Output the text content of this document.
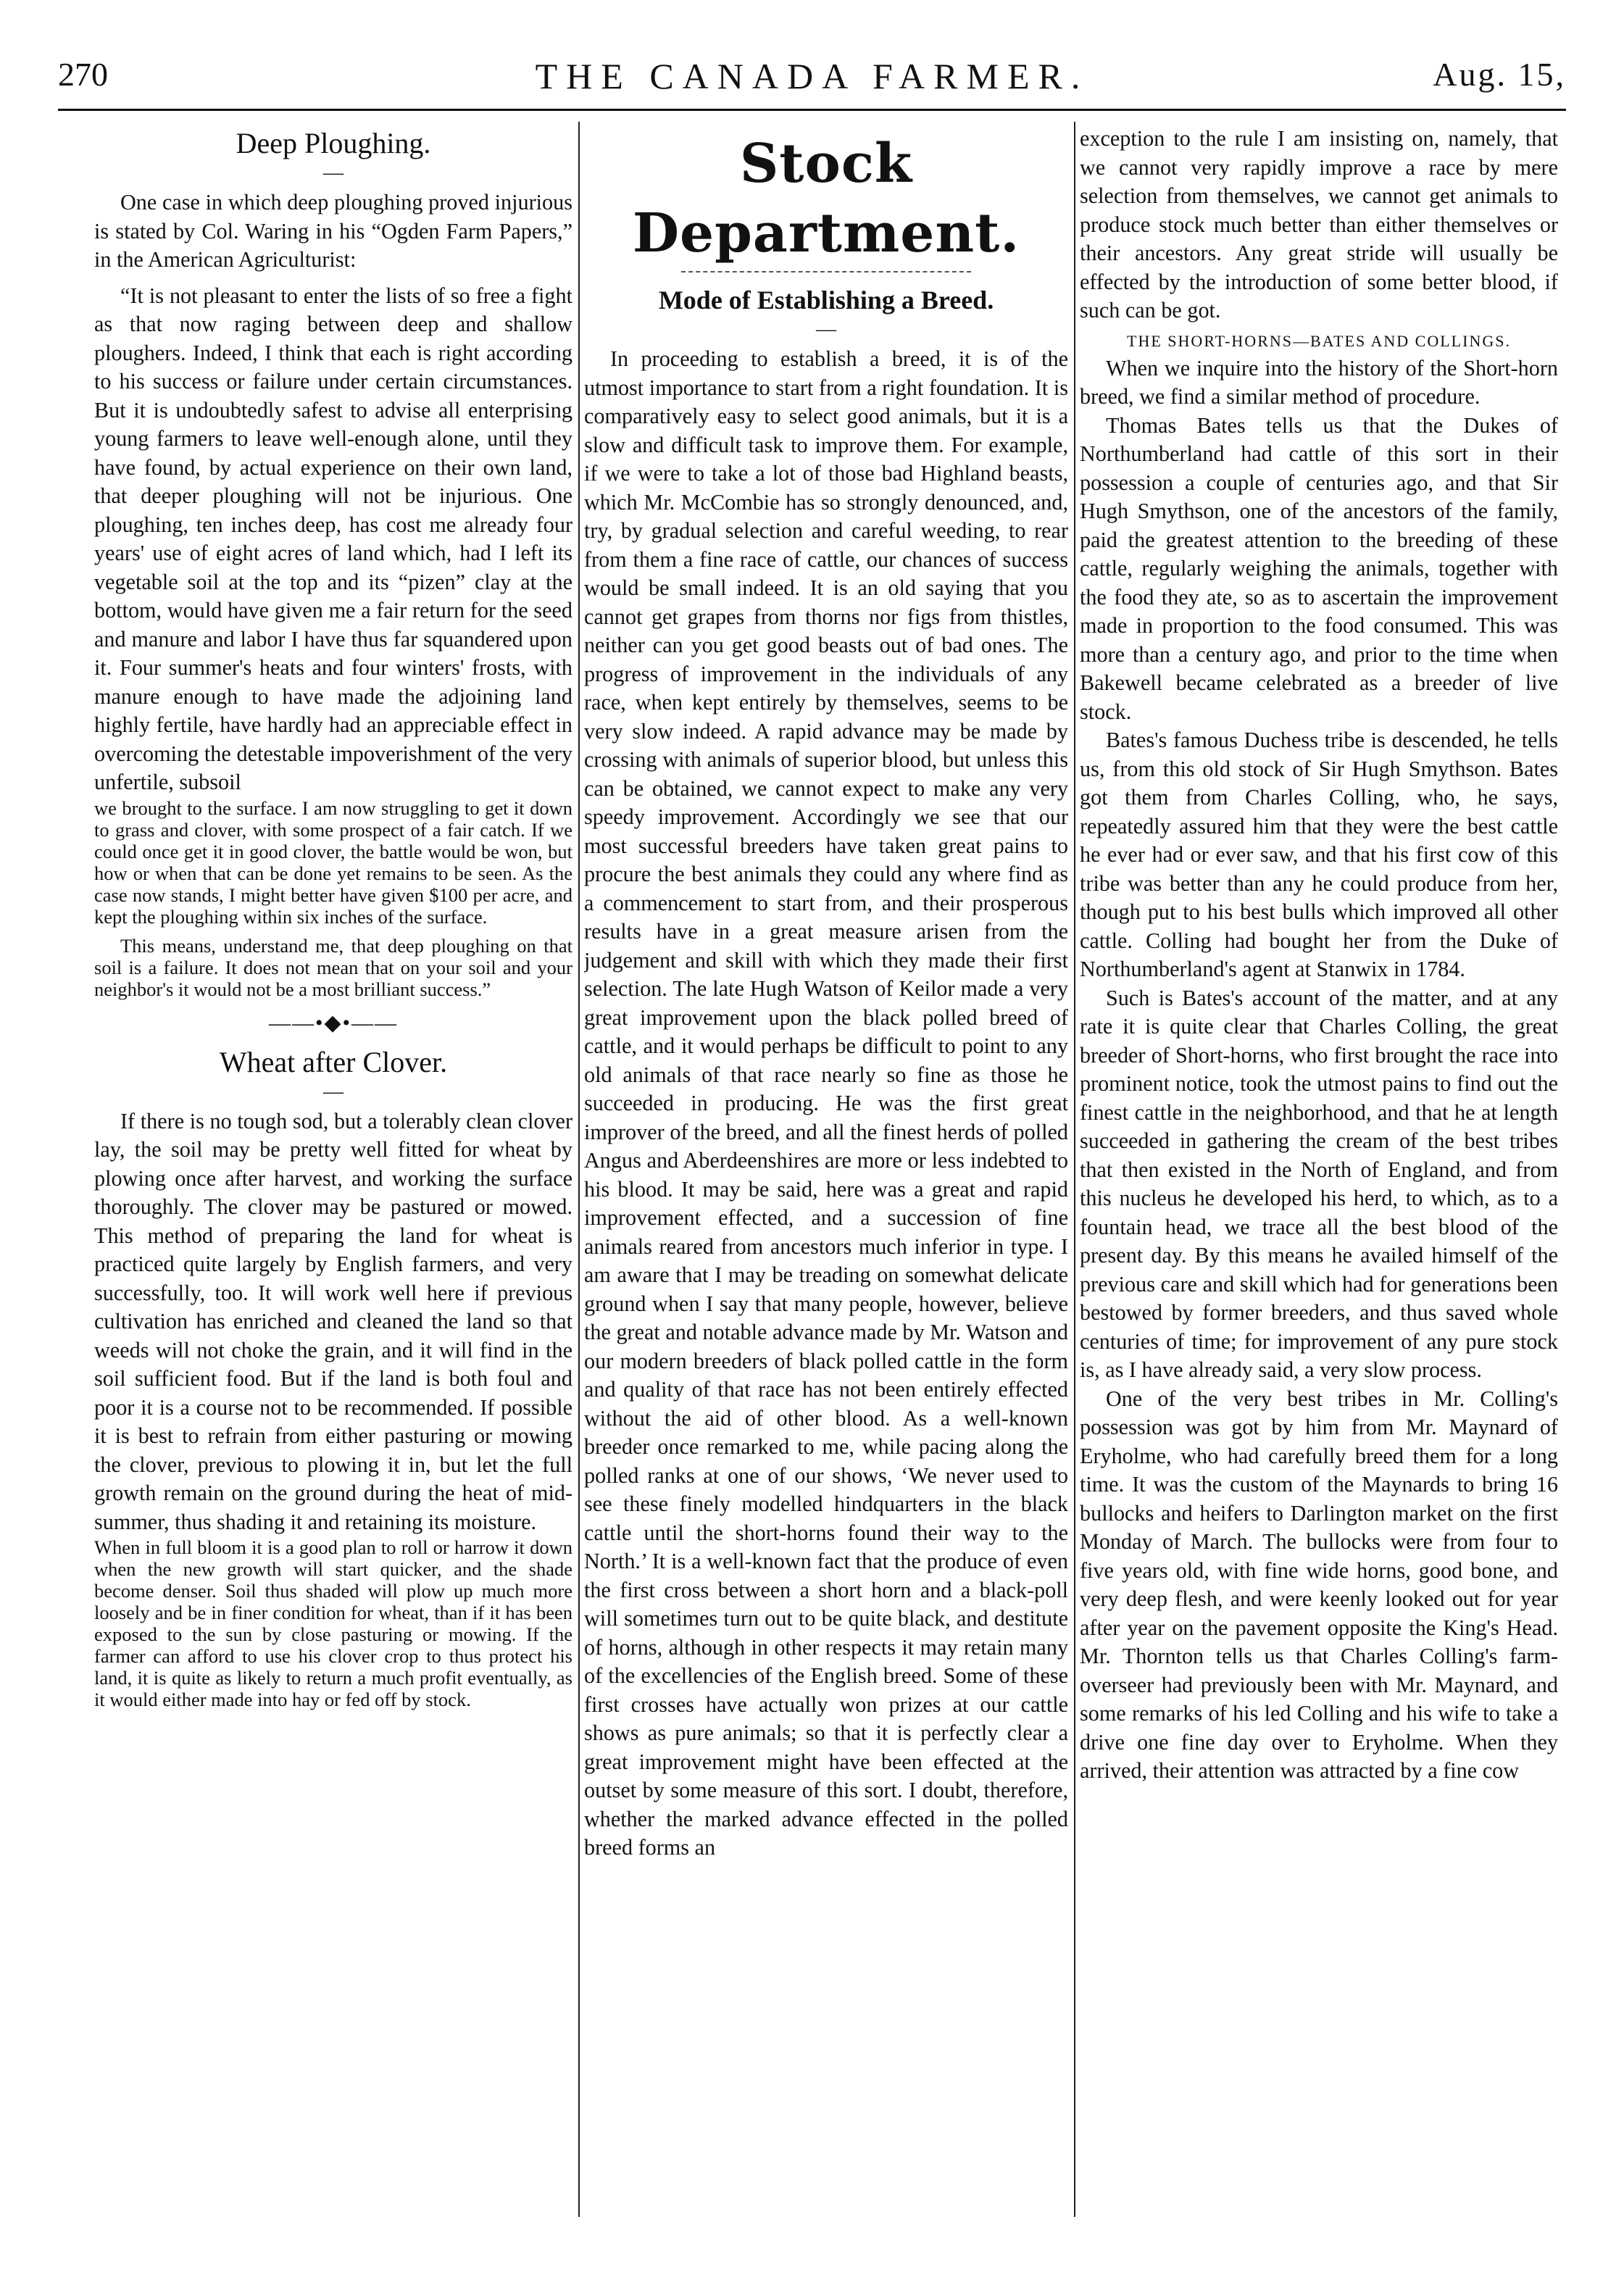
270	THE CANADA FARMER.	Aug. 15,
Deep Ploughing.
—

One case in which deep ploughing proved injurious is stated by Col. Waring in his “Ogden Farm Papers,” in the American Agriculturist:

“It is not pleasant to enter the lists of so free a fight as that now raging between deep and shallow ploughers. Indeed, I think that each is right according to his success or failure under certain circumstances. But it is undoubtedly safest to advise all enterprising young farmers to leave well-enough alone, until they have found, by actual experience on their own land, that deeper ploughing will not be injurious. One ploughing, ten inches deep, has cost me already four years' use of eight acres of land which, had I left its vegetable soil at the top and its “pizen” clay at the bottom, would have given me a fair return for the seed and manure and labor I have thus far squandered upon it. Four summer's heats and four winters' frosts, with manure enough to have made the adjoining land highly fertile, have hardly had an appreciable effect in overcoming the detestable impoverishment of the very unfertile, subsoil

we brought to the surface. I am now struggling to get it down to grass and clover, with some prospect of a fair catch. If we could once get it in good clover, the battle would be won, but how or when that can be done yet remains to be seen. As the case now stands, I might better have given $100 per acre, and kept the ploughing within six inches of the surface.

This means, understand me, that deep ploughing on that soil is a failure. It does not mean that on your soil and your neighbor's it would not be a most brilliant success.”

——•◆•——
Wheat after Clover.
—

If there is no tough sod, but a tolerably clean clover lay, the soil may be pretty well fitted for wheat by plowing once after harvest, and working the surface thoroughly. The clover may be pastured or mowed. This method of preparing the land for wheat is practiced quite largely by English farmers, and very successfully, too. It will work well here if previous cultivation has enriched and cleaned the land so that weeds will not choke the grain, and it will find in the soil sufficient food. But if the land is both foul and poor it is a course not to be recommended. If possible it is best to refrain from either pasturing or mowing the clover, previous to plowing it in, but let the full growth remain on the ground during the heat of mid-summer, thus shading it and retaining its moisture.

When in full bloom it is a good plan to roll or harrow it down when the new growth will start quicker, and the shade become denser. Soil thus shaded will plow up much more loosely and be in finer condition for wheat, than if it has been exposed to the sun by close pasturing or mowing. If the farmer can afford to use his clover crop to thus protect his land, it is quite as likely to return a much profit eventually, as it would either made into hay or fed off by stock.

Stock Department.
Mode of Establishing a Breed.
—

In proceeding to establish a breed, it is of the utmost importance to start from a right foundation. It is comparatively easy to select good animals, but it is a slow and difficult task to improve them. For example, if we were to take a lot of those bad Highland beasts, which Mr. McCombie has so strongly denounced, and, try, by gradual selection and careful weeding, to rear from them a fine race of cattle, our chances of success would be small indeed. It is an old saying that you cannot get grapes from thorns nor figs from thistles, neither can you get good beasts out of bad ones. The progress of improvement in the individuals of any race, when kept entirely by themselves, seems to be very slow indeed. A rapid advance may be made by crossing with animals of superior blood, but unless this can be obtained, we cannot expect to make any very speedy improvement. Accordingly we see that our most successful breeders have taken great pains to procure the best animals they could any where find as a commencement to start from, and their prosperous results have in a great measure arisen from the judgement and skill with which they made their first selection. The late Hugh Watson of Keilor made a very great improvement upon the black polled breed of cattle, and it would perhaps be difficult to point to any old animals of that race nearly so fine as those he succeeded in producing. He was the first great improver of the breed, and all the finest herds of polled Angus and Aberdeenshires are more or less indebted to his blood. It may be said, here was a great and rapid improvement effected, and a succession of fine animals reared from ancestors much inferior in type. I am aware that I may be treading on somewhat delicate ground when I say that many people, however, believe the great and notable advance made by Mr. Watson and our modern breeders of black polled cattle in the form and quality of that race has not been entirely effected without the aid of other blood. As a well-known breeder once remarked to me, while pacing along the polled ranks at one of our shows, ‘We never used to see these finely modelled hindquarters in the black cattle until the short-horns found their way to the North.’ It is a well-known fact that the produce of even the first cross between a short horn and a black-poll will sometimes turn out to be quite black, and destitute of horns, although in other respects it may retain many of the excellencies of the English breed. Some of these first crosses have actually won prizes at our cattle shows as pure animals; so that it is perfectly clear a great improvement might have been effected at the outset by some measure of this sort. I doubt, therefore, whether the marked advance effected in the polled breed forms an

exception to the rule I am insisting on, namely, that we cannot very rapidly improve a race by mere selection from themselves, we cannot get animals to produce stock much better than either themselves or their ancestors. Any great stride will usually be effected by the introduction of some better blood, if such can be got.

THE SHORT-HORNS—BATES AND COLLINGS.

When we inquire into the history of the Short-horn breed, we find a similar method of procedure.

Thomas Bates tells us that the Dukes of Northumberland had cattle of this sort in their possession a couple of centuries ago, and that Sir Hugh Smythson, one of the ancestors of the family, paid the greatest attention to the breeding of these cattle, regularly weighing the animals, together with the food they ate, so as to ascertain the improvement made in proportion to the food consumed. This was more than a century ago, and prior to the time when Bakewell became celebrated as a breeder of live stock.

Bates's famous Duchess tribe is descended, he tells us, from this old stock of Sir Hugh Smythson. Bates got them from Charles Colling, who, he says, repeatedly assured him that they were the best cattle he ever had or ever saw, and that his first cow of this tribe was better than any he could produce from her, though put to his best bulls which improved all other cattle. Colling had bought her from the Duke of Northumberland's agent at Stanwix in 1784.

Such is Bates's account of the matter, and at any rate it is quite clear that Charles Colling, the great breeder of Short-horns, who first brought the race into prominent notice, took the utmost pains to find out the finest cattle in the neighborhood, and that he at length succeeded in gathering the cream of the best tribes that then existed in the North of England, and from this nucleus he developed his herd, to which, as to a fountain head, we trace all the best blood of the present day. By this means he availed himself of the previous care and skill which had for generations been bestowed by former breeders, and thus saved whole centuries of time; for improvement of any pure stock is, as I have already said, a very slow process.

One of the very best tribes in Mr. Colling's possession was got by him from Mr. Maynard of Eryholme, who had carefully breed them for a long time. It was the custom of the Maynards to bring 16 bullocks and heifers to Darlington market on the first Monday of March. The bullocks were from four to five years old, with fine wide horns, good bone, and very deep flesh, and were keenly looked out for year after year on the pavement opposite the King's Head. Mr. Thornton tells us that Charles Colling's farm-overseer had previously been with Mr. Maynard, and some remarks of his led Colling and his wife to take a drive one fine day over to Eryholme. When they arrived, their attention was attracted by a fine cow
